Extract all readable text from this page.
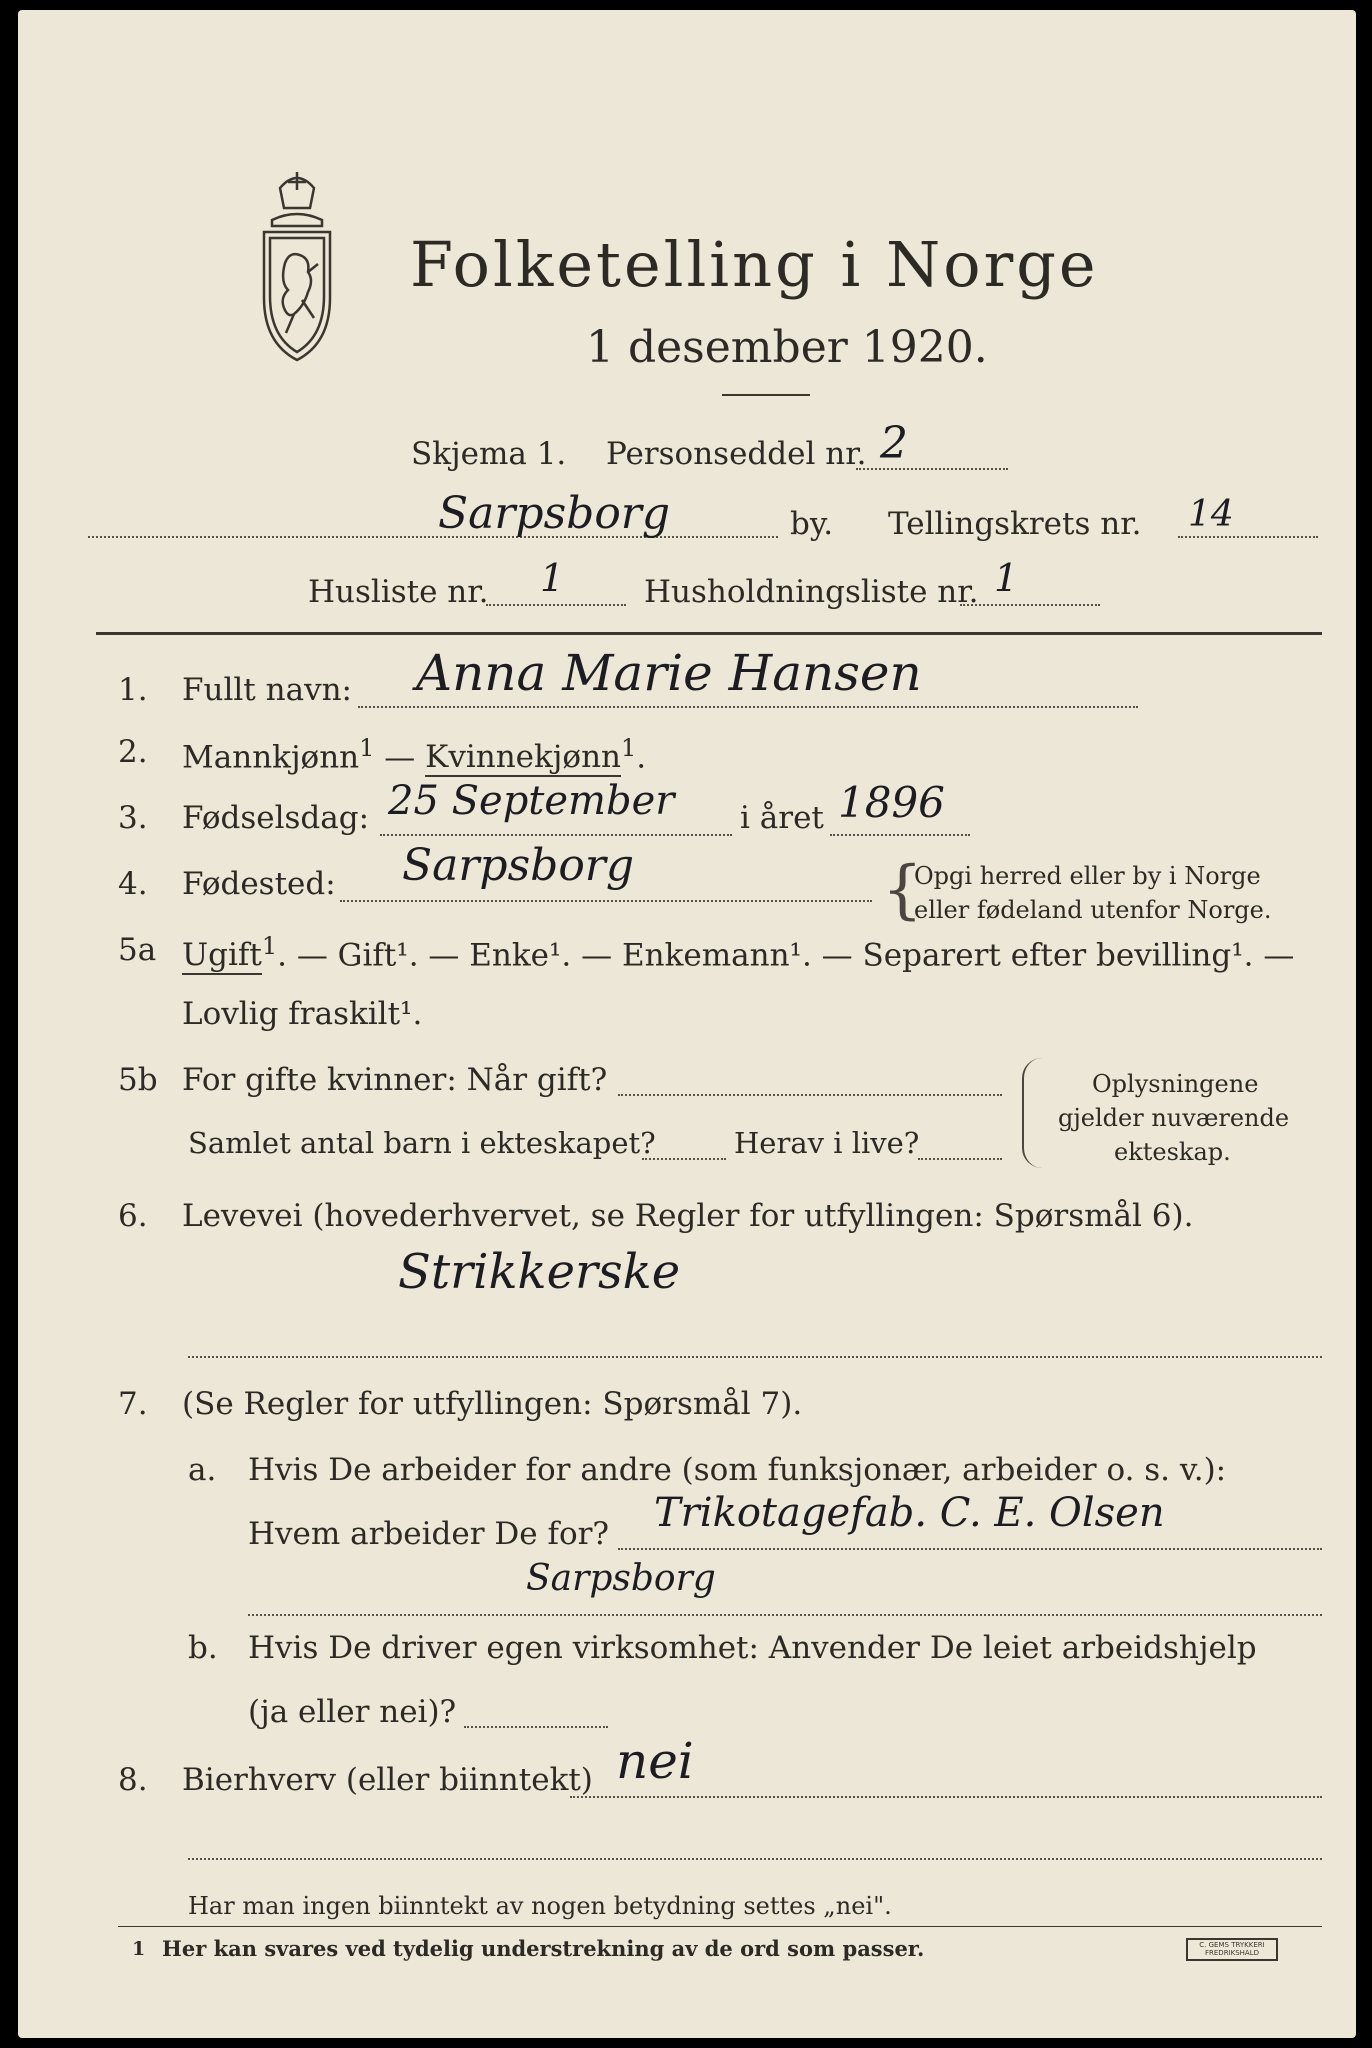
Folketelling i Norge
1 desember 1920.
Skjema 1. Personseddel nr. 2
Sarpsborg	by. Tellingskrets nr. 14
Husliste nr. 1	Husholdningsliste nr. 1
1. Fullt navn: Anna Marie Hansen
2. Mannkjønn$^1$ — Kvinnekjønn$^1$.
3. Fødselsdag: 25 September i året 1896
4. Fødested: Sarpsborg	{
Opgi herred eller by i Norge
eller fødeland utenfor Norge.
5a Ugift$^1$. — Gift¹. — Enke¹. — Enkemann¹. — Separert efter bevilling¹. —
Lovlig fraskilt¹.
5b For gifte kvinner: Når gift?
Samlet antal barn i ekteskapet?	Herav i live?
Oplysningene
gjelder nuværende
ekteskap.
6. Levevei (hovederhvervet, se Regler for utfyllingen: Spørsmål 6).
Strikkerske
7. (Se Regler for utfyllingen: Spørsmål 7).
a. Hvis De arbeider for andre (som funksjonær, arbeider o. s. v.):
Hvem arbeider De for? Trikotagefab. C. E. Olsen
Sarpsborg
b. Hvis De driver egen virksomhet: Anvender De leiet arbeidshjelp
(ja eller nei)?
8. Bierhverv (eller biinntekt) nei
Har man ingen biinntekt av nogen betydning settes „nei".
1 Her kan svares ved tydelig understrekning av de ord som passer.	C. GEMS TRYKKERI
FREDRIKSHALD
